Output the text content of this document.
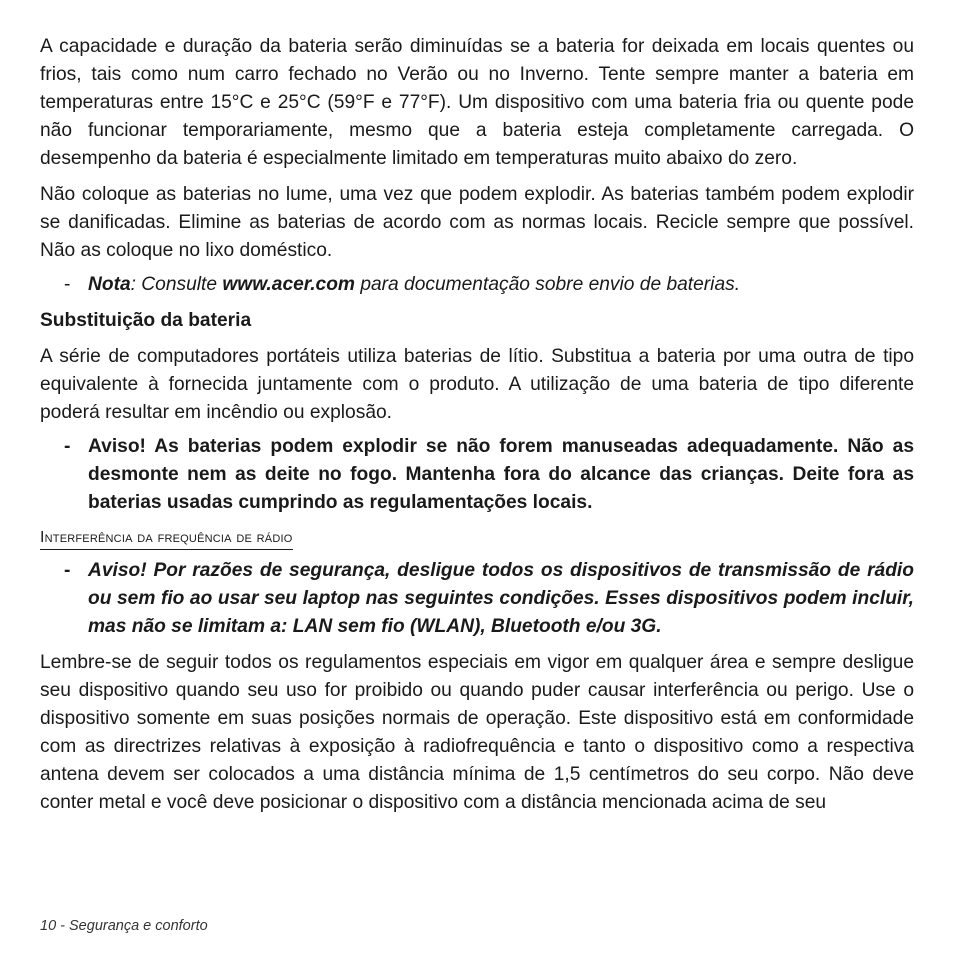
A capacidade e duração da bateria serão diminuídas se a bateria for deixada em locais quentes ou frios, tais como num carro fechado no Verão ou no Inverno. Tente sempre manter a bateria em temperaturas entre 15°C e 25°C (59°F e 77°F). Um dispositivo com uma bateria fria ou quente pode não funcionar temporariamente, mesmo que a bateria esteja completamente carregada. O desempenho da bateria é especialmente limitado em temperaturas muito abaixo do zero.

Não coloque as baterias no lume, uma vez que podem explodir. As baterias também podem explodir se danificadas. Elimine as baterias de acordo com as normas locais. Recicle sempre que possível. Não as coloque no lixo doméstico.

- Nota: Consulte www.acer.com para documentação sobre envio de baterias.

Substituição da bateria

A série de computadores portáteis utiliza baterias de lítio. Substitua a bateria por uma outra de tipo equivalente à fornecida juntamente com o produto. A utilização de uma bateria de tipo diferente poderá resultar em incêndio ou explosão.

- Aviso! As baterias podem explodir se não forem manuseadas adequadamente. Não as desmonte nem as deite no fogo. Mantenha fora do alcance das crianças. Deite fora as baterias usadas cumprindo as regulamentações locais.

Interferência da frequência de rádio

- Aviso! Por razões de segurança, desligue todos os dispositivos de transmissão de rádio ou sem fio ao usar seu laptop nas seguintes condições. Esses dispositivos podem incluir, mas não se limitam a: LAN sem fio (WLAN), Bluetooth e/ou 3G.

Lembre-se de seguir todos os regulamentos especiais em vigor em qualquer área e sempre desligue seu dispositivo quando seu uso for proibido ou quando puder causar interferência ou perigo. Use o dispositivo somente em suas posições normais de operação. Este dispositivo está em conformidade com as directrizes relativas à exposição à radiofrequência e tanto o dispositivo como a respectiva antena devem ser colocados a uma distância mínima de 1,5 centímetros do seu corpo. Não deve conter metal e você deve posicionar o dispositivo com a distância mencionada acima de seu

10 - Segurança e conforto
